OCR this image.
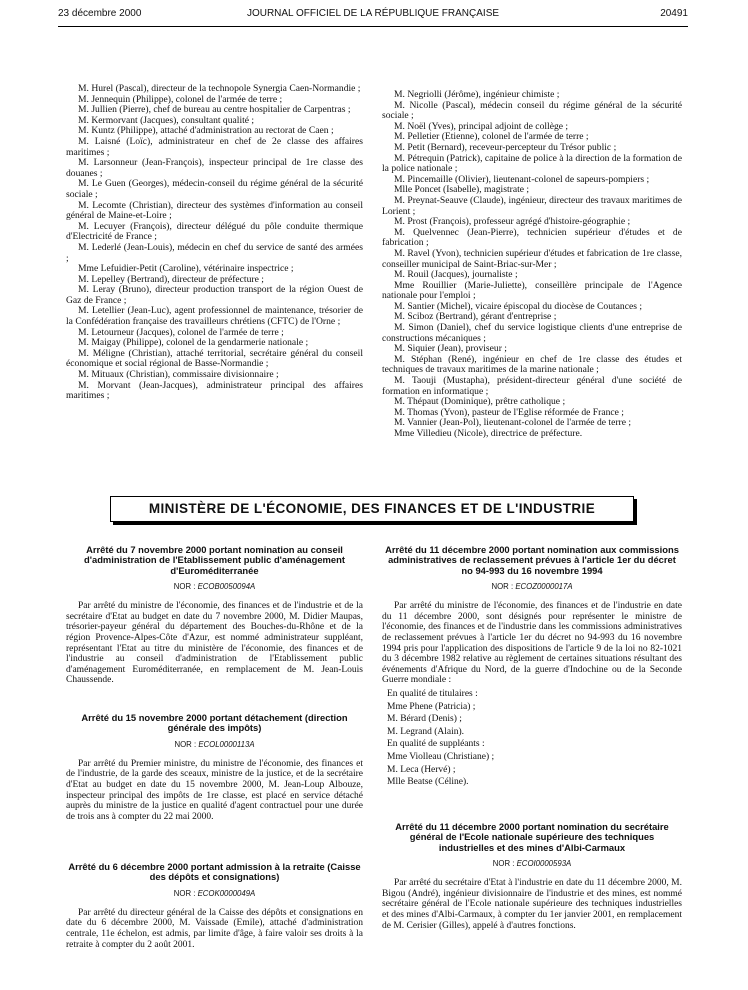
23 décembre 2000	JOURNAL OFFICIEL DE LA RÉPUBLIQUE FRANÇAISE	20491

M. Hurel (Pascal), directeur de la technopole Synergia Caen-Normandie ;

M. Jennequin (Philippe), colonel de l'armée de terre ;

M. Jullien (Pierre), chef de bureau au centre hospitalier de Carpentras ;

M. Kermorvant (Jacques), consultant qualité ;

M. Kuntz (Philippe), attaché d'administration au rectorat de Caen ;

M. Laisné (Loïc), administrateur en chef de 2e classe des affaires maritimes ;

M. Larsonneur (Jean-François), inspecteur principal de 1re classe des douanes ;

M. Le Guen (Georges), médecin-conseil du régime général de la sécurité sociale ;

M. Lecomte (Christian), directeur des systèmes d'information au conseil général de Maine-et-Loire ;

M. Lecuyer (François), directeur délégué du pôle conduite thermique d'Electricité de France ;

M. Lederlé (Jean-Louis), médecin en chef du service de santé des armées ;

Mme Lefuidier-Petit (Caroline), vétérinaire inspectrice ;

M. Lepelley (Bertrand), directeur de préfecture ;

M. Leray (Bruno), directeur production transport de la région Ouest de Gaz de France ;

M. Letellier (Jean-Luc), agent professionnel de maintenance, trésorier de la Confédération française des travailleurs chrétiens (CFTC) de l'Orne ;

M. Letourneur (Jacques), colonel de l'armée de terre ;

M. Maigay (Philippe), colonel de la gendarmerie nationale ;

M. Méligne (Christian), attaché territorial, secrétaire général du conseil économique et social régional de Basse-Normandie ;

M. Mituaux (Christian), commissaire divisionnaire ;

M. Morvant (Jean-Jacques), administrateur principal des affaires maritimes ;

M. Negriolli (Jérôme), ingénieur chimiste ;

M. Nicolle (Pascal), médecin conseil du régime général de la sécurité sociale ;

M. Noël (Yves), principal adjoint de collège ;

M. Pelletier (Etienne), colonel de l'armée de terre ;

M. Petit (Bernard), receveur-percepteur du Trésor public ;

M. Pétrequin (Patrick), capitaine de police à la direction de la formation de la police nationale ;

M. Pincemaille (Olivier), lieutenant-colonel de sapeurs-pompiers ;

Mlle Poncet (Isabelle), magistrate ;

M. Preynat-Seauve (Claude), ingénieur, directeur des travaux maritimes de Lorient ;

M. Prost (François), professeur agrégé d'histoire-géographie ;

M. Quelvennec (Jean-Pierre), technicien supérieur d'études et de fabrication ;

M. Ravel (Yvon), technicien supérieur d'études et fabrication de 1re classe, conseiller municipal de Saint-Briac-sur-Mer ;

M. Rouil (Jacques), journaliste ;

Mme Rouillier (Marie-Juliette), conseillère principale de l'Agence nationale pour l'emploi ;

M. Santier (Michel), vicaire épiscopal du diocèse de Coutances ;

M. Sciboz (Bertrand), gérant d'entreprise ;

M. Simon (Daniel), chef du service logistique clients d'une entreprise de constructions mécaniques ;

M. Siquier (Jean), proviseur ;

M. Stéphan (René), ingénieur en chef de 1re classe des études et techniques de travaux maritimes de la marine nationale ;

M. Taouji (Mustapha), président-directeur général d'une société de formation en informatique ;

M. Thépaut (Dominique), prêtre catholique ;

M. Thomas (Yvon), pasteur de l'Eglise réformée de France ;

M. Vannier (Jean-Pol), lieutenant-colonel de l'armée de terre ;

Mme Villedieu (Nicole), directrice de préfecture.

MINISTÈRE DE L'ÉCONOMIE, DES FINANCES ET DE L'INDUSTRIE

Arrêté du 7 novembre 2000 portant nomination au conseil d'administration de l'Etablissement public d'aménagement d'Euroméditerranée

NOR : ECOB0050094A

Par arrêté du ministre de l'économie, des finances et de l'industrie et de la secrétaire d'Etat au budget en date du 7 novembre 2000, M. Didier Maupas, trésorier-payeur général du département des Bouches-du-Rhône et de la région Provence-Alpes-Côte d'Azur, est nommé administrateur suppléant, représentant l'Etat au titre du ministère de l'économie, des finances et de l'industrie au conseil d'administration de l'Etablissement public d'aménagement Euroméditerranée, en remplacement de M. Jean-Louis Chaussende.

Arrêté du 15 novembre 2000 portant détachement (direction générale des impôts)

NOR : ECOL0000113A

Par arrêté du Premier ministre, du ministre de l'économie, des finances et de l'industrie, de la garde des sceaux, ministre de la justice, et de la secrétaire d'Etat au budget en date du 15 novembre 2000, M. Jean-Loup Albouze, inspecteur principal des impôts de 1re classe, est placé en service détaché auprès du ministre de la justice en qualité d'agent contractuel pour une durée de trois ans à compter du 22 mai 2000.

Arrêté du 6 décembre 2000 portant admission à la retraite (Caisse des dépôts et consignations)

NOR : ECOK0000049A

Par arrêté du directeur général de la Caisse des dépôts et consignations en date du 6 décembre 2000, M. Vaissade (Emile), attaché d'administration centrale, 11e échelon, est admis, par limite d'âge, à faire valoir ses droits à la retraite à compter du 2 août 2001.

Arrêté du 11 décembre 2000 portant nomination aux commissions administratives de reclassement prévues à l'article 1er du décret no 94-993 du 16 novembre 1994

NOR : ECOZ0000017A

Par arrêté du ministre de l'économie, des finances et de l'industrie en date du 11 décembre 2000, sont désignés pour représenter le ministre de l'économie, des finances et de l'industrie dans les commissions administratives de reclassement prévues à l'article 1er du décret no 94-993 du 16 novembre 1994 pris pour l'application des dispositions de l'article 9 de la loi no 82-1021 du 3 décembre 1982 relative au règlement de certaines situations résultant des événements d'Afrique du Nord, de la guerre d'Indochine ou de la Seconde Guerre mondiale :

En qualité de titulaires :
Mme Phene (Patricia) ;
M. Bérard (Denis) ;
M. Legrand (Alain).
En qualité de suppléants :
Mme Violleau (Christiane) ;
M. Leca (Hervé) ;
Mlle Beatse (Céline).

Arrêté du 11 décembre 2000 portant nomination du secrétaire général de l'Ecole nationale supérieure des techniques industrielles et des mines d'Albi-Carmaux

NOR : ECOI0000593A

Par arrêté du secrétaire d'Etat à l'industrie en date du 11 décembre 2000, M. Bigou (André), ingénieur divisionnaire de l'industrie et des mines, est nommé secrétaire général de l'Ecole nationale supérieure des techniques industrielles et des mines d'Albi-Carmaux, à compter du 1er janvier 2001, en remplacement de M. Cerisier (Gilles), appelé à d'autres fonctions.
